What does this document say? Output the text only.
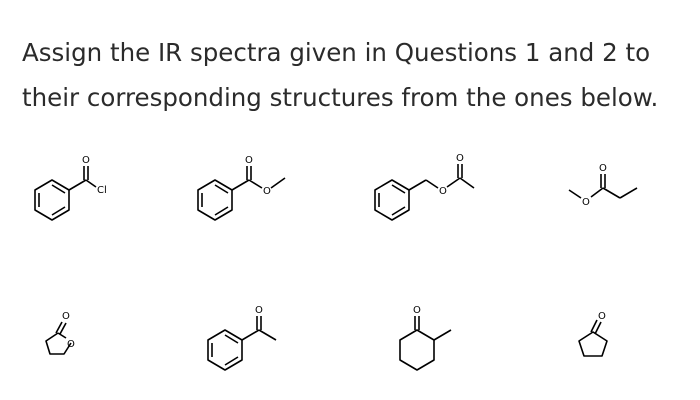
Assign the IR spectra given in Questions 1 and 2 to their corresponding structures from the ones below.

O
Cl
O
O	O
O
O
O
O
O
O	O
O
